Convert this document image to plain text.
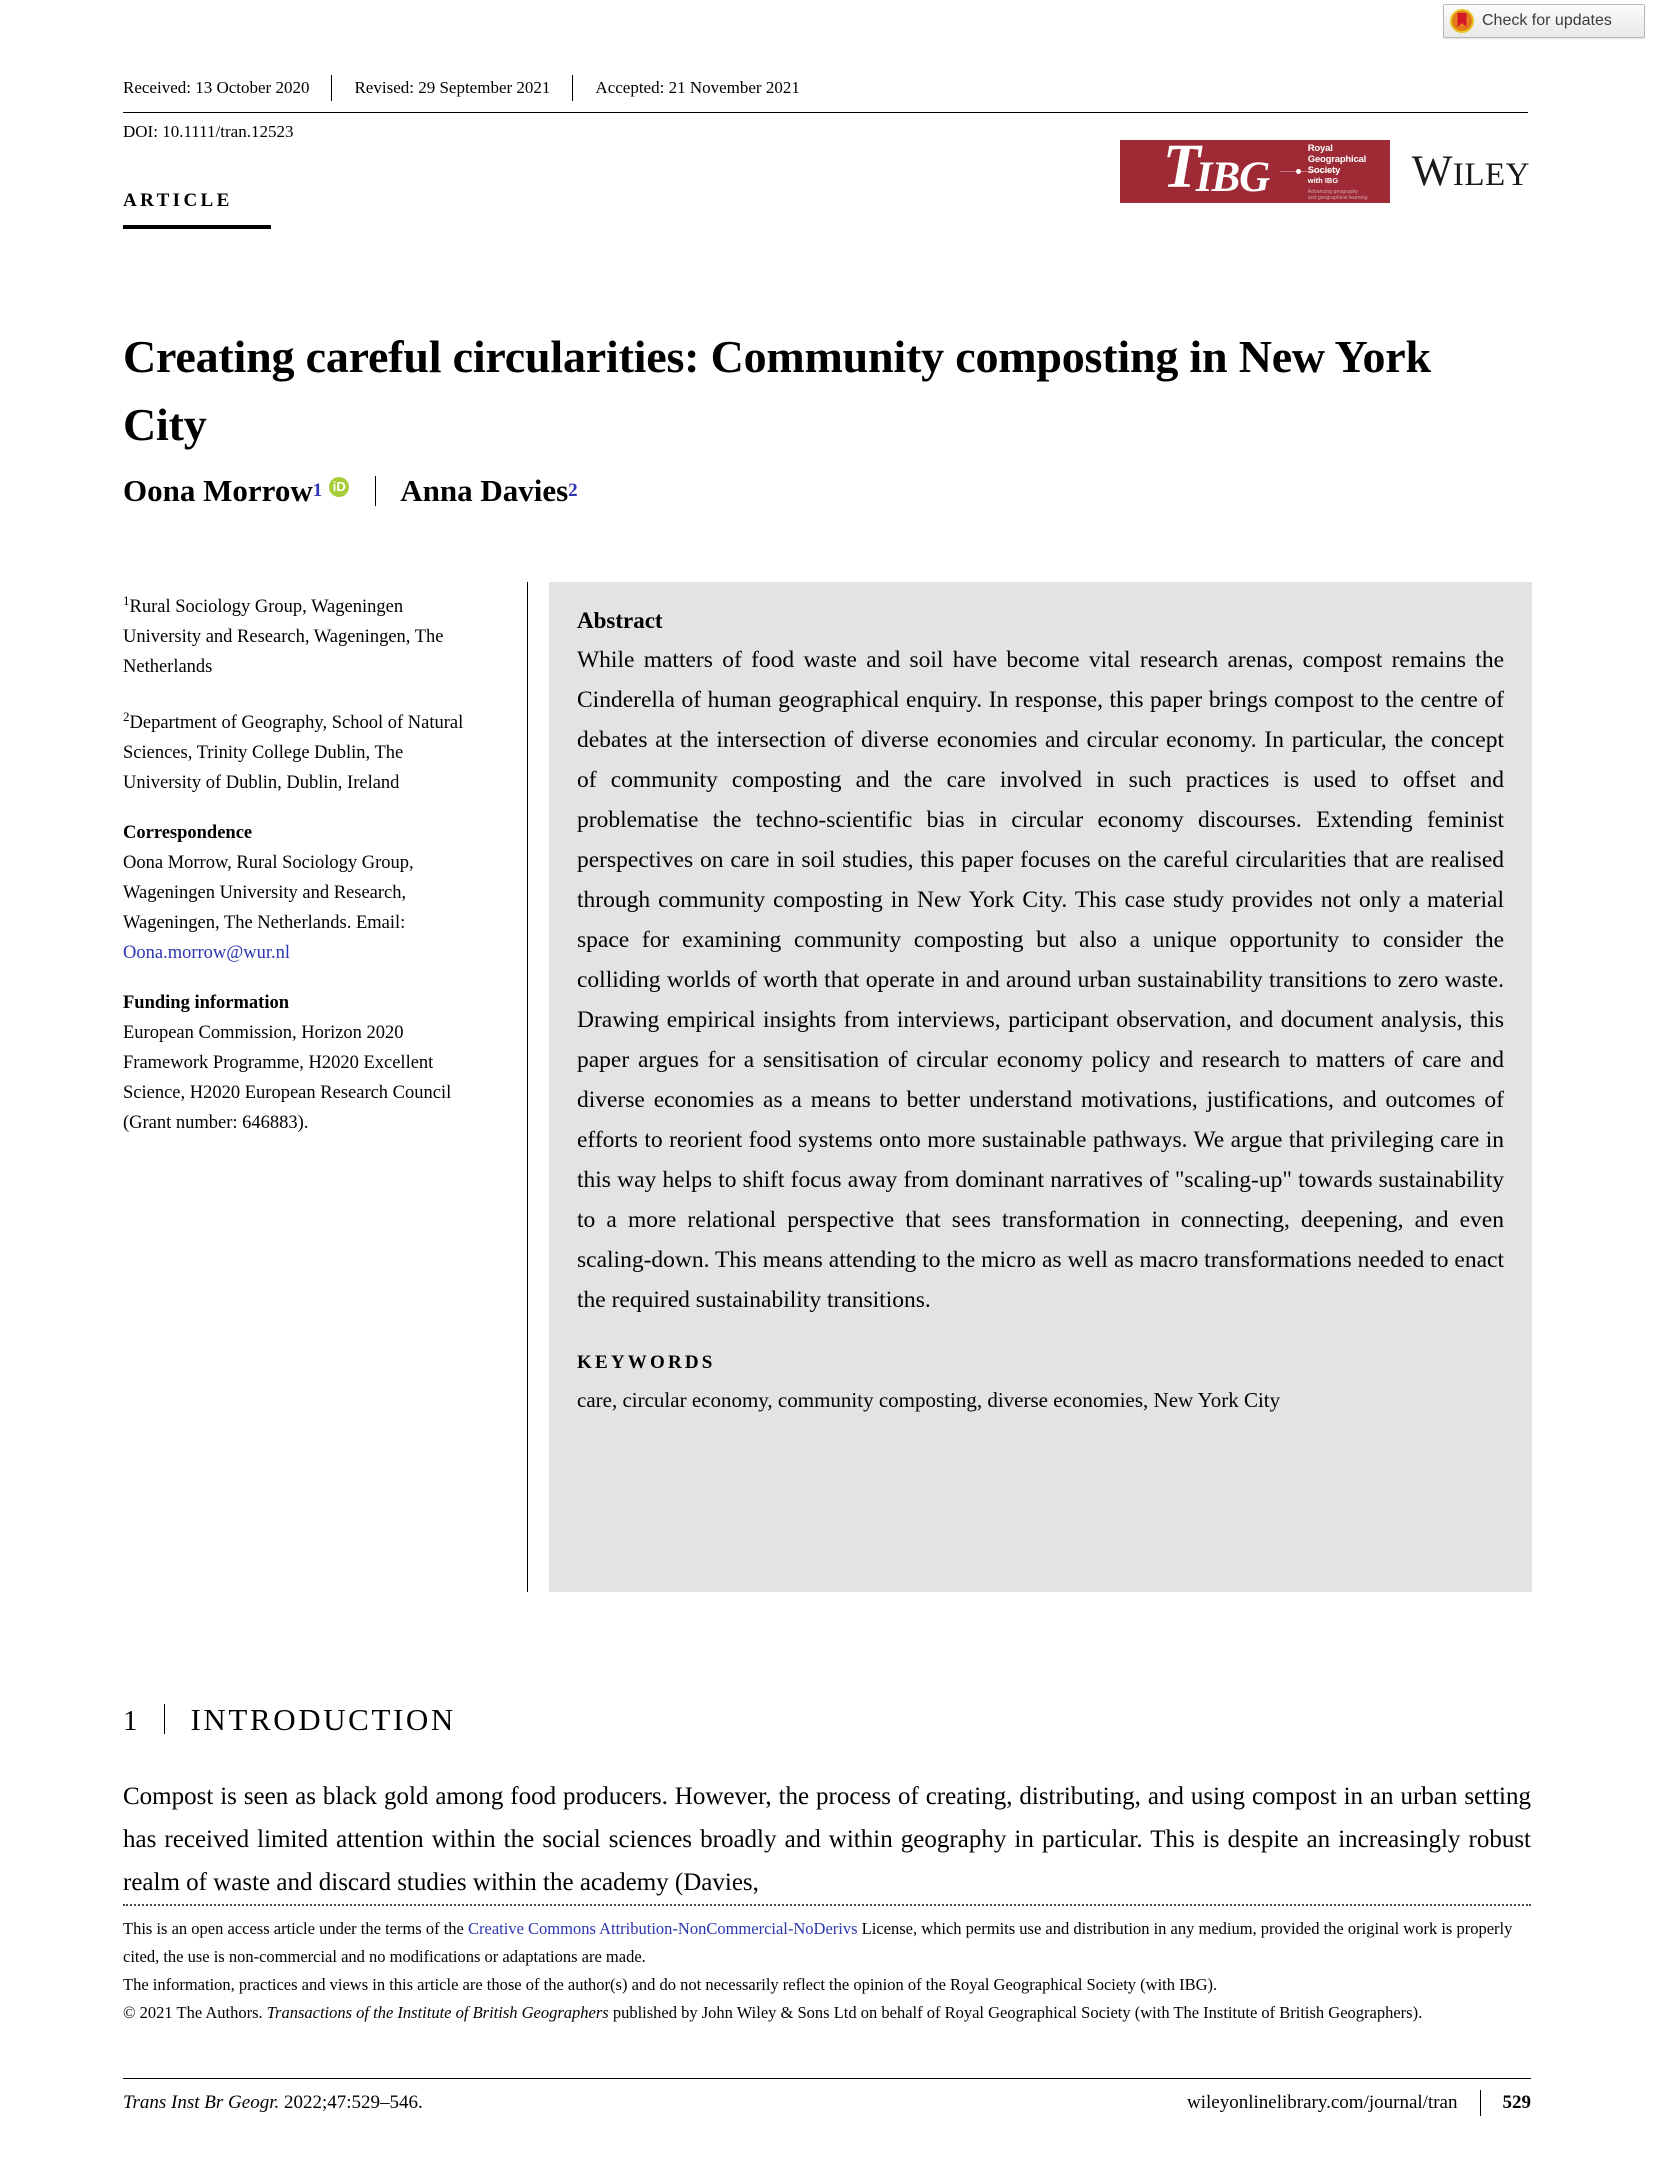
Check for updates
Received: 13 October 2020	Revised: 29 September 2021	Accepted: 21 November 2021
DOI: 10.1111/tran.12523
ARTICLE	T
IBG
Royal
Geographical
Society
with IBG
Advancing geography
and geographical learning
WILEY
Creating careful circularities: Community composting in New York City
Oona Morrow 1 iD Anna Davies 2

$^1$Rural Sociology Group, Wageningen University and Research, Wageningen, The Netherlands

$^2$Department of Geography, School of Natural Sciences, Trinity College Dublin, The University of Dublin, Dublin, Ireland

Correspondence
Oona Morrow, Rural Sociology Group, Wageningen University and Research, Wageningen, The Netherlands. Email: Oona.morrow@wur.nl

Funding information
European Commission, Horizon 2020 Framework Programme, H2020 Excellent Science, H2020 European Research Council (Grant number: 646883).

Abstract

While matters of food waste and soil have become vital research arenas, compost remains the Cinderella of human geographical enquiry. In response, this paper brings compost to the centre of debates at the intersection of diverse economies and circular economy. In particular, the concept of community composting and the care involved in such practices is used to offset and problematise the techno-scientific bias in circular economy discourses. Extending feminist perspectives on care in soil studies, this paper focuses on the careful circularities that are realised through community composting in New York City. This case study provides not only a material space for examining community composting but also a unique opportunity to consider the colliding worlds of worth that operate in and around urban sustainability transitions to zero waste. Drawing empirical insights from interviews, participant observation, and document analysis, this paper argues for a sensitisation of circular economy policy and research to matters of care and diverse economies as a means to better understand motivations, justifications, and outcomes of efforts to reorient food systems onto more sustainable pathways. We argue that privileging care in this way helps to shift focus away from dominant narratives of "scaling-up" towards sustainability to a more relational perspective that sees transformation in connecting, deepening, and even scaling-down. This means attending to the micro as well as macro transformations needed to enact the required sustainability transitions.

KEYWORDS
care, circular economy, community composting, diverse economies, New York City
1 INTRODUCTION

Compost is seen as black gold among food producers. However, the process of creating, distributing, and using compost in an urban setting has received limited attention within the social sciences broadly and within geography in particular. This is despite an increasingly robust realm of waste and discard studies within the academy (Davies,

This is an open access article under the terms of the Creative Commons Attribution-NonCommercial-NoDerivs License, which permits use and distribution in any medium, provided the original work is properly cited, the use is non-commercial and no modifications or adaptations are made.

The information, practices and views in this article are those of the author(s) and do not necessarily reflect the opinion of the Royal Geographical Society (with IBG).

© 2021 The Authors. Transactions of the Institute of British Geographers published by John Wiley & Sons Ltd on behalf of Royal Geographical Society (with The Institute of British Geographers).

Trans Inst Br Geogr. 2022;47:529–546.	wileyonlinelibrary.com/journal/tran	529
